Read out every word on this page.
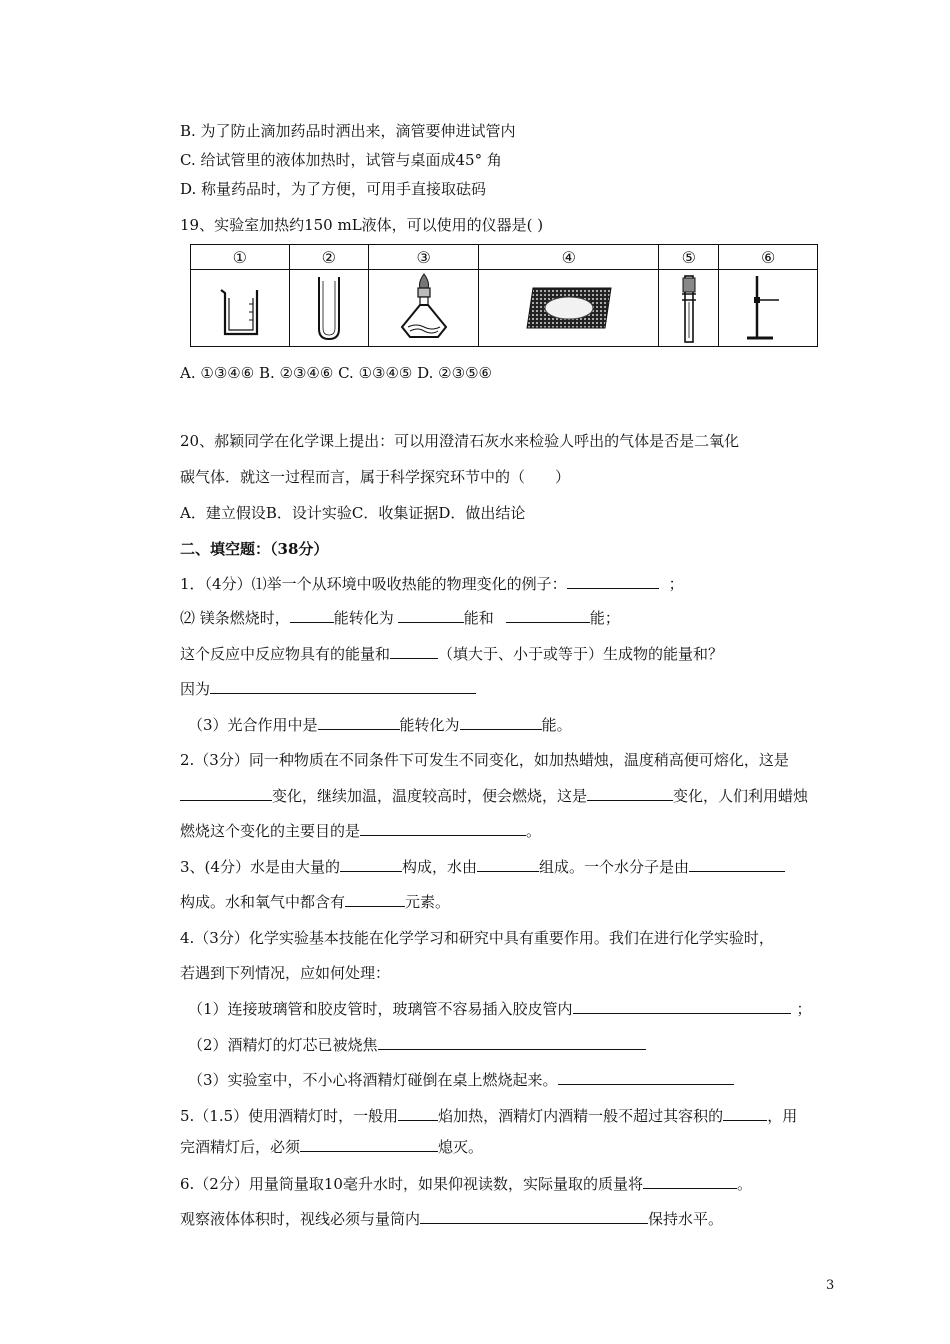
B. 为了防止滴加药品时洒出来，滴管要伸进试管内
C. 给试管里的液体加热时，试管与桌面成45° 角
D. 称量药品时，为了方便，可用手直接取砝码
19、实验室加热约150 mL液体，可以使用的仪器是( )
①	②	③	④	⑤	⑥

A. ①③④⑥ B. ②③④⑥ C. ①③④⑤ D. ②③⑤⑥
20、郝颖同学在化学课上提出：可以用澄清石灰水来检验人呼出的气体是否是二氧化
碳气体．就这一过程而言，属于科学探究环节中的（　　）
A．建立假设B．设计实验C．收集证据D．做出结论
二、填空题：（38分）
1．（4分）⑴举一个从环境中吸收热能的物理变化的例子：	；
⑵ 镁条燃烧时，	能转化为	能和	能；
这个反应中反应物具有的能量和	（填大于、小于或等于）生成物的能量和？
因为
（3）光合作用中是	能转化为	能。
2.（3分）同一种物质在不同条件下可发生不同变化，如加热蜡烛，温度稍高便可熔化，这是
变化，继续加温，温度较高时，便会燃烧，这是	变化，人们利用蜡烛
燃烧这个变化的主要目的是	。
3、(4分）水是由大量的	构成，水由	组成。一个水分子是由
构成。水和氧气中都含有	元素。
4.（3分）化学实验基本技能在化学学习和研究中具有重要作用。我们在进行化学实验时，
若遇到下列情况，应如何处理：
（1）连接玻璃管和胶皮管时，玻璃管不容易插入胶皮管内	；
（2）酒精灯的灯芯已被烧焦
（3）实验室中，不小心将酒精灯碰倒在桌上燃烧起来。
5.（1.5）使用酒精灯时，一般用	焰加热，酒精灯内酒精一般不超过其容积的	，用
完酒精灯后，必须	熄灭。
6.（2分）用量筒量取10毫升水时，如果仰视读数，实际量取的质量将	。
观察液体体积时，视线必须与量筒内	保持水平。
3
